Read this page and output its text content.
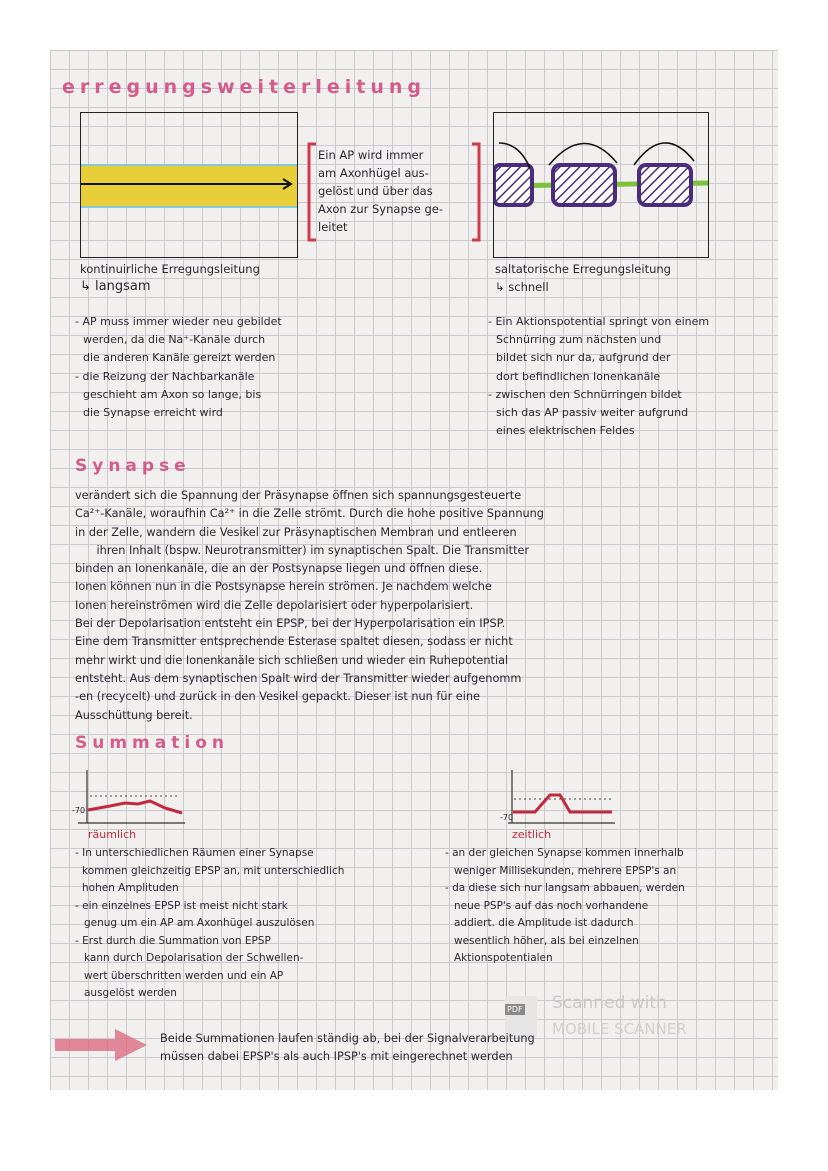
erregungsweiterleitung
Ein AP wird immer
am Axonhügel aus-
gelöst und über das
Axon zur Synapse ge-
leitet
kontinuirliche Erregungsleitung
↳ langsam
saltatorische Erregungsleitung
↳ schnell
- AP muss immer wieder neu gebildet
werden, da die Na⁺-Kanäle durch
die anderen Kanäle gereizt werden
- die Reizung der Nachbarkanäle
geschieht am Axon so lange, bis
die Synapse erreicht wird
- Ein Aktionspotential springt von einem
Schnürring zum nächsten und
bildet sich nur da, aufgrund der
dort befindlichen Ionenkanäle
- zwischen den Schnürringen bildet
sich das AP passiv weiter aufgrund
eines elektrischen Feldes
Synapse
verändert sich die Spannung der Präsynapse öffnen sich spannungsgesteuerte
Ca²⁺-Kanäle, woraufhin Ca²⁺ in die Zelle strömt. Durch die hohe positive Spannung
in der Zelle, wandern die Vesikel zur Präsynaptischen Membran und entleeren
ihren Inhalt (bspw. Neurotransmitter) im synaptischen Spalt. Die Transmitter
binden an Ionenkanäle, die an der Postsynapse liegen und öffnen diese.
Ionen können nun in die Postsynapse herein strömen. Je nachdem welche
Ionen hereinströmen wird die Zelle depolarisiert oder hyperpolarisiert.
Bei der Depolarisation entsteht ein EPSP, bei der Hyperpolarisation ein IPSP.
Eine dem Transmitter entsprechende Esterase spaltet diesen, sodass er nicht
mehr wirkt und die Ionenkanäle sich schließen und wieder ein Ruhepotential
entsteht. Aus dem synaptischen Spalt wird der Transmitter wieder aufgenomm
-en (recycelt) und zurück in den Vesikel gepackt. Dieser ist nun für eine
Ausschüttung bereit.
Summation
-70
räumlich
-70
zeitlich
- In unterschiedlichen Räumen einer Synapse
kommen gleichzeitig EPSP an, mit unterschiedlich
hohen Amplituden
- ein einzelnes EPSP ist meist nicht stark
genug um ein AP am Axonhügel auszulösen
- Erst durch die Summation von EPSP
kann durch Depolarisation der Schwellen-
wert überschritten werden und ein AP
ausgelöst werden
- an der gleichen Synapse kommen innerhalb
weniger Millisekunden, mehrere EPSP's an
- da diese sich nur langsam abbauen, werden
neue PSP's auf das noch vorhandene
addiert. die Amplitude ist dadurch
wesentlich höher, als bei einzelnen
Aktionspotentialen
PDF Scanned with
MOBILE SCANNER
Beide Summationen laufen ständig ab, bei der Signalverarbeitung
müssen dabei EPSP's als auch IPSP's mit eingerechnet werden
